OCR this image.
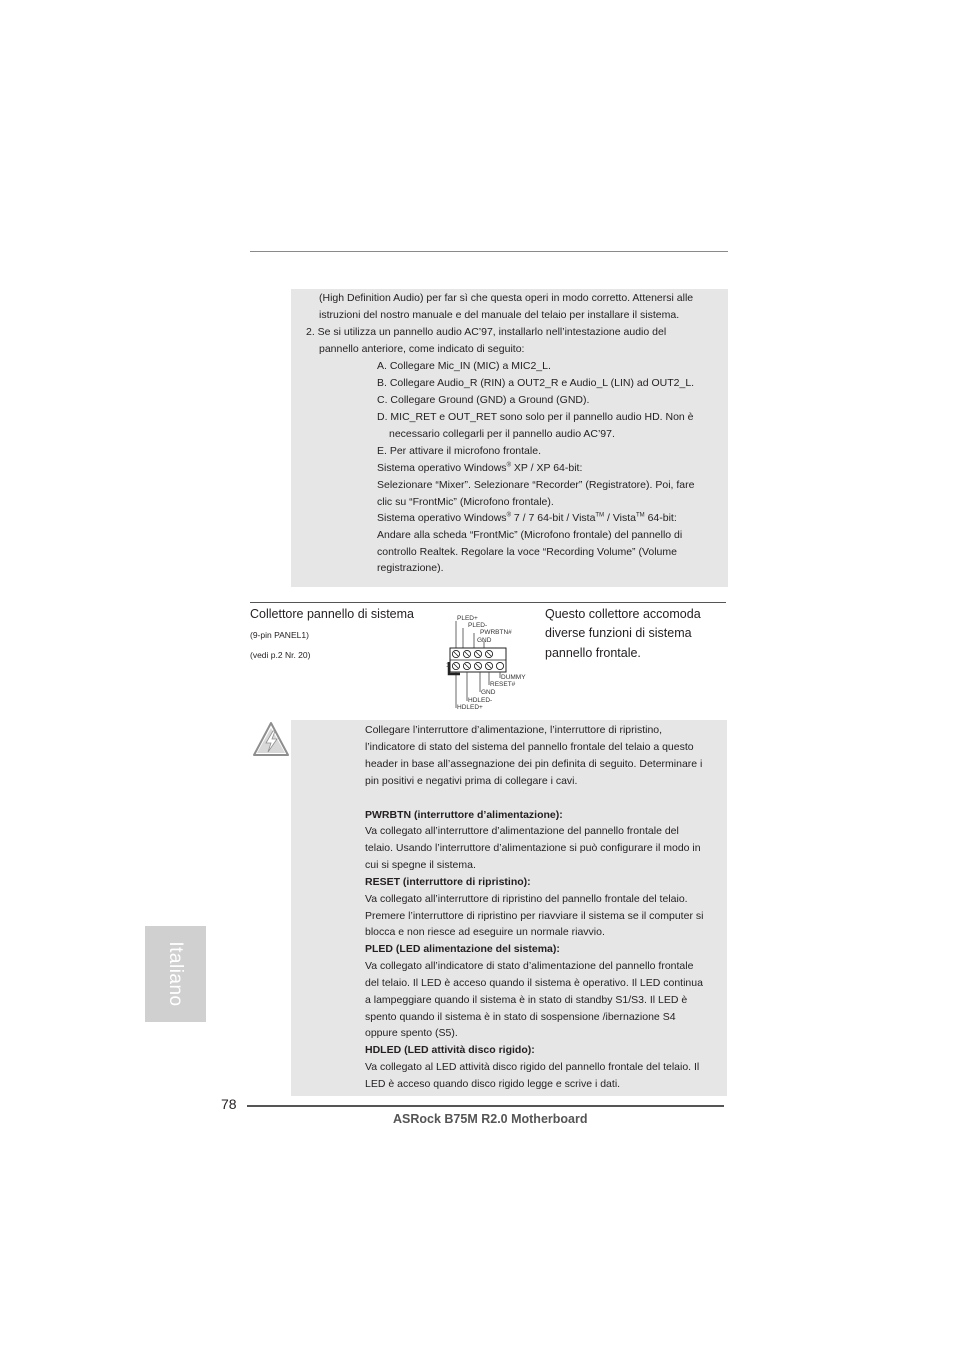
(High Definition Audio) per far sì che questa operi in modo corretto. Attenersi alle
istruzioni del nostro manuale e del manuale del telaio per installare il sistema.
2. Se si utilizza un pannello audio AC’97, installarlo nell’intestazione audio del
pannello anteriore, come indicato di seguito:
A. Collegare Mic_IN (MIC) a MIC2_L.
B. Collegare Audio_R (RIN) a OUT2_R e Audio_L (LIN) ad OUT2_L.
C. Collegare Ground (GND) a Ground (GND).
D. MIC_RET e OUT_RET sono solo per il pannello audio HD. Non è
necessario collegarli per il pannello audio AC’97.
E. Per attivare il microfono frontale.
Sistema operativo Windows® XP / XP 64-bit:
Selezionare “Mixer”. Selezionare “Recorder” (Registratore). Poi, fare
clic su “FrontMic” (Microfono frontale).
Sistema operativo Windows® 7 / 7 64-bit / Vista™ / Vista™ 64-bit:
Andare alla scheda “FrontMic” (Microfono frontale) del pannello di
controllo Realtek. Regolare la voce “Recording Volume” (Volume
registrazione).
Collettore pannello di sistema
(9-pin PANEL1)
(vedi p.2 Nr. 20)
Questo collettore accomoda
diverse funzioni di sistema
pannello frontale.
PLED+
PLED-
PWRBTN#
GND
DUMMY
RESET#
GND
HDLED-
HDLED+
1
Collegare l’interruttore d’alimentazione, l’interruttore di ripristino,
l’indicatore di stato del sistema del pannello frontale del telaio a questo
header in base all’assegnazione dei pin definita di seguito. Determinare i
pin positivi e negativi prima di collegare i cavi.
PWRBTN (interruttore d’alimentazione):
Va collegato all’interruttore d’alimentazione del pannello frontale del
telaio. Usando l’interruttore d’alimentazione si può configurare il modo in
cui si spegne il sistema.
RESET (interruttore di ripristino):
Va collegato all’interruttore di ripristino del pannello frontale del telaio.
Premere l’interruttore di ripristino per riavviare il sistema se il computer si
blocca e non riesce ad eseguire un normale riavvio.
PLED (LED alimentazione del sistema):
Va collegato all’indicatore di stato d’alimentazione del pannello frontale
del telaio. Il LED è acceso quando il sistema è operativo. Il LED continua
a lampeggiare quando il sistema è in stato di standby S1/S3. Il LED è
spento quando il sistema è in stato di sospensione /ibernazione S4
oppure spento (S5).
HDLED (LED attività disco rigido):
Va collegato al LED attività disco rigido del pannello frontale del telaio. Il
LED è acceso quando disco rigido legge e scrive i dati.
Italiano
78
ASRock B75M R2.0 Motherboard
